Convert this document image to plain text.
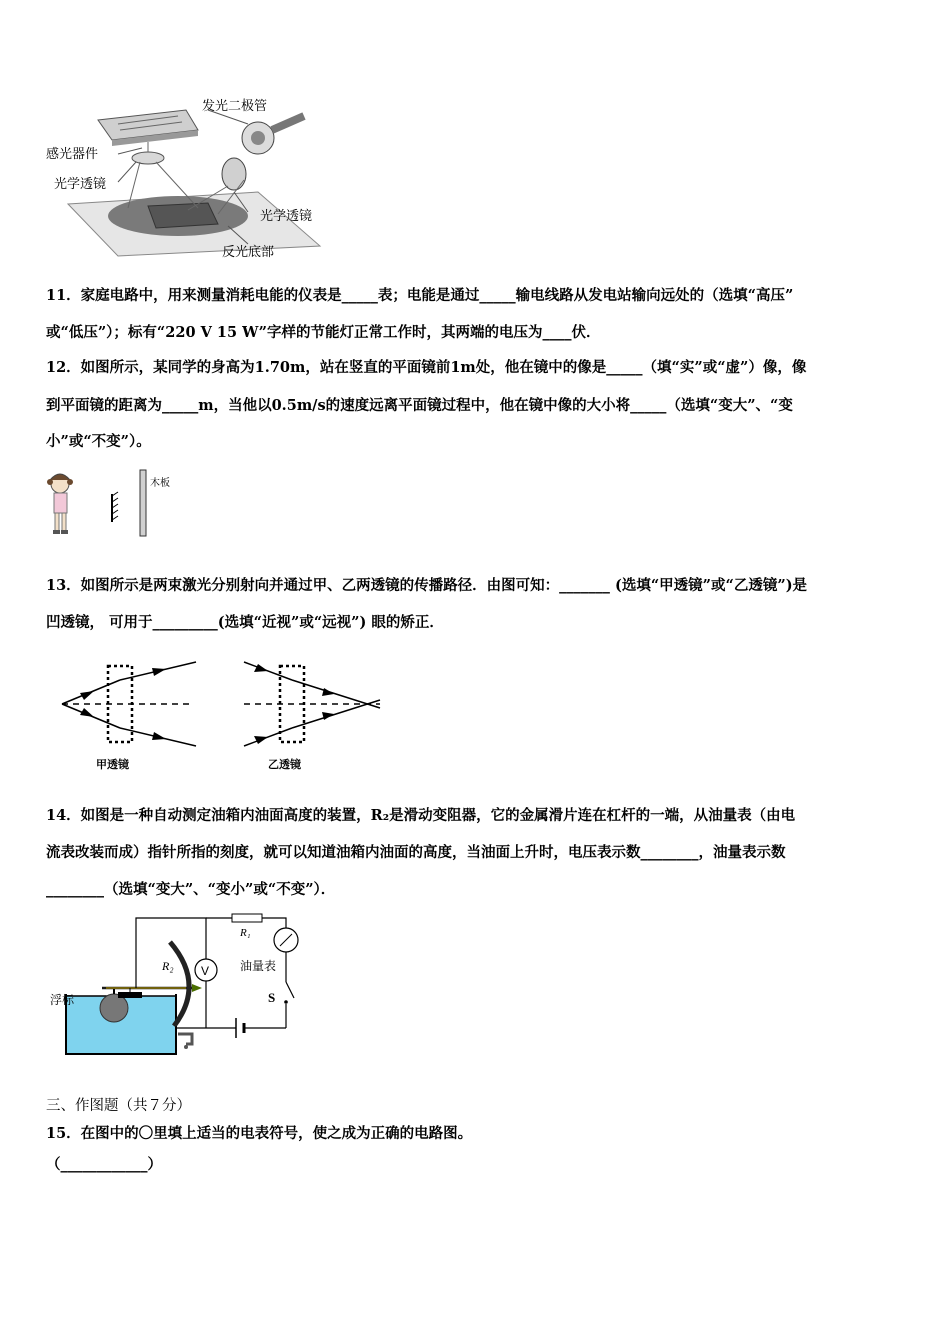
发光二极管
感光器件
光学透镜
光学透镜
反光底部
11．家庭电路中，用来测量消耗电能的仪表是_____表；电能是通过_____输电线路从发电站输向远处的（选填“高压”
或“低压”）；标有“220 V 15 W”字样的节能灯正常工作时，其两端的电压为____伏．
12．如图所示，某同学的身高为1.70m，站在竖直的平面镜前1m处，他在镜中的像是_____（填“实”或“虚”）像，像
到平面镜的距离为_____m，当他以0.5m/s的速度远离平面镜过程中，他在镜中像的大小将_____（选填“变大”、“变
小”或“不变”）。
木板
13．如图所示是两束激光分别射向并通过甲、乙两透镜的传播路径．由图可知：_______ (选填“甲透镜”或“乙透镜”)是
凹透镜， 可用于_________(选填“近视”或“远视”) 眼的矫正．
甲透镜	乙透镜
14．如图是一种自动测定油箱内油面高度的装置，R₂是滑动变阻器，它的金属滑片连在杠杆的一端，从油量表（由电
流表改装而成）指针所指的刻度，就可以知道油箱内油面的高度，当油面上升时，电压表示数________，油量表示数
________（选填“变大”、“变小”或“不变”）．
R₂
R₁
油量表
S
V
浮标
三、作图题（共７分）
15．在图中的〇里填上适当的电表符号，使之成为正确的电路图。
（____________）
